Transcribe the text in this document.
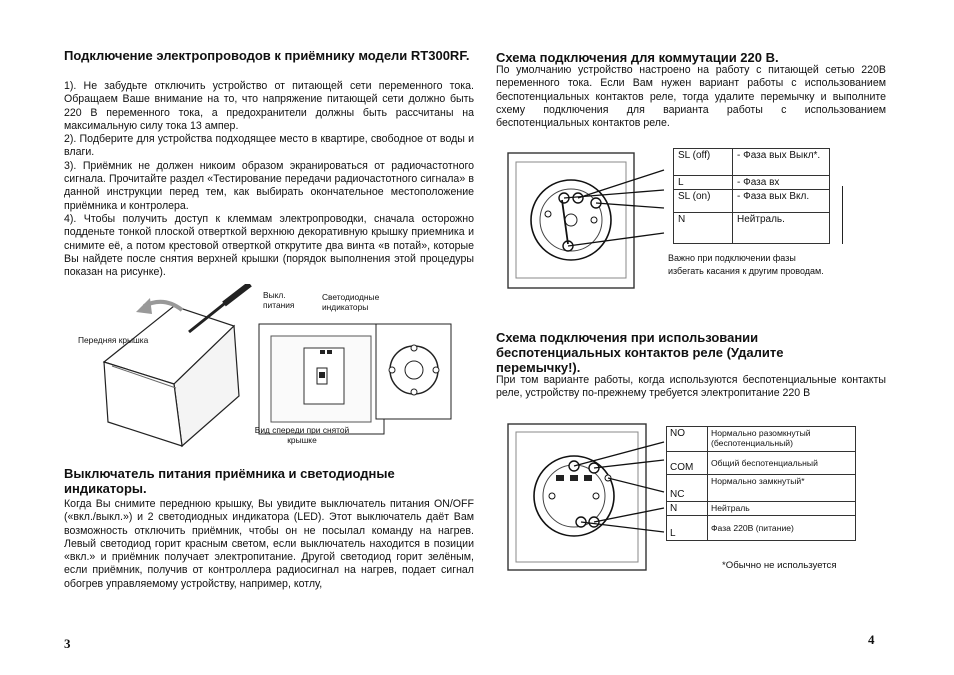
Подключение электропроводов к приёмнику модели RT300RF.
1). Не забудьте отключить устройство от питающей сети переменного тока. Обращаем Ваше внимание на то, что напряжение питающей сети должно быть 220 В переменного тока, а предохранители должны быть рассчитаны на максимальную силу тока 13 ампер.
2). Подберите для устройства подходящее место в квартире, свободное от воды и влаги.
3). Приёмник не должен никоим образом экранироваться от радиочастотного сигнала. Прочитайте раздел «Тестирование передачи радиочастотного сигнала» в данной инструкции перед тем, как выбирать окончательное местоположение приёмника и контролера.
4). Чтобы получить доступ к клеммам электропроводки, сначала осторожно подденьте тонкой плоской отверткой верхнюю декоративную крышку приемника и снимите её, а потом крестовой отверткой открутите два винта «в потай», которые Вы найдете после снятия верхней крышки (порядок выполнения этой процедуры показан на рисунке).
Передняя крышка
Выкл. питания
Светодиодные индикаторы
Вид спереди при снятой крышке
Выключатель питания приёмника и светодиодные индикаторы.
Когда Вы снимите переднюю крышку, Вы увидите выключатель питания ON/OFF («вкл./выкл.») и 2 светодиодных индикатора (LED). Этот выключатель даёт Вам возможность отключить приёмник, чтобы он не посылал команду на нагрев. Левый светодиод горит красным светом, если выключатель находится в позиции «вкл.» и приёмник получает электропитание. Другой светодиод горит зелёным, если приёмник, получив от контроллера радиосигнал на нагрев, подает сигнал обогрев управляемому устройству, например, котлу,
3
Схема подключения для коммутации 220 В.
По умолчанию устройство настроено на работу с питающей сетью 220В переменного тока. Если Вам нужен вариант работы с использованием беспотенциальных контактов реле, тогда удалите перемычку и выполните схему подключения для варианта работы с использованием беспотенциальных контактов реле.
SL (off)	- Фаза вых Выкл*.
L	- Фаза вх
SL (on)	- Фаза вых Вкл.
N	Нейтраль.
Важно при подключении фазы избегать касания к другим проводам.
Схема подключения при использовании беспотенциальных контактов реле (Удалите перемычку!).
При том варианте работы, когда используются беспотенциальные контакты реле, устройству по-прежнему требуется электропитание 220 В
NO	Нормально разомкнутый (беспотенциальный)
COM	Общий беспотенциальный
NC	Нормально замкнутый*
N	Нейтраль
L	Фаза 220В (питание)
*Обычно не используется
4
